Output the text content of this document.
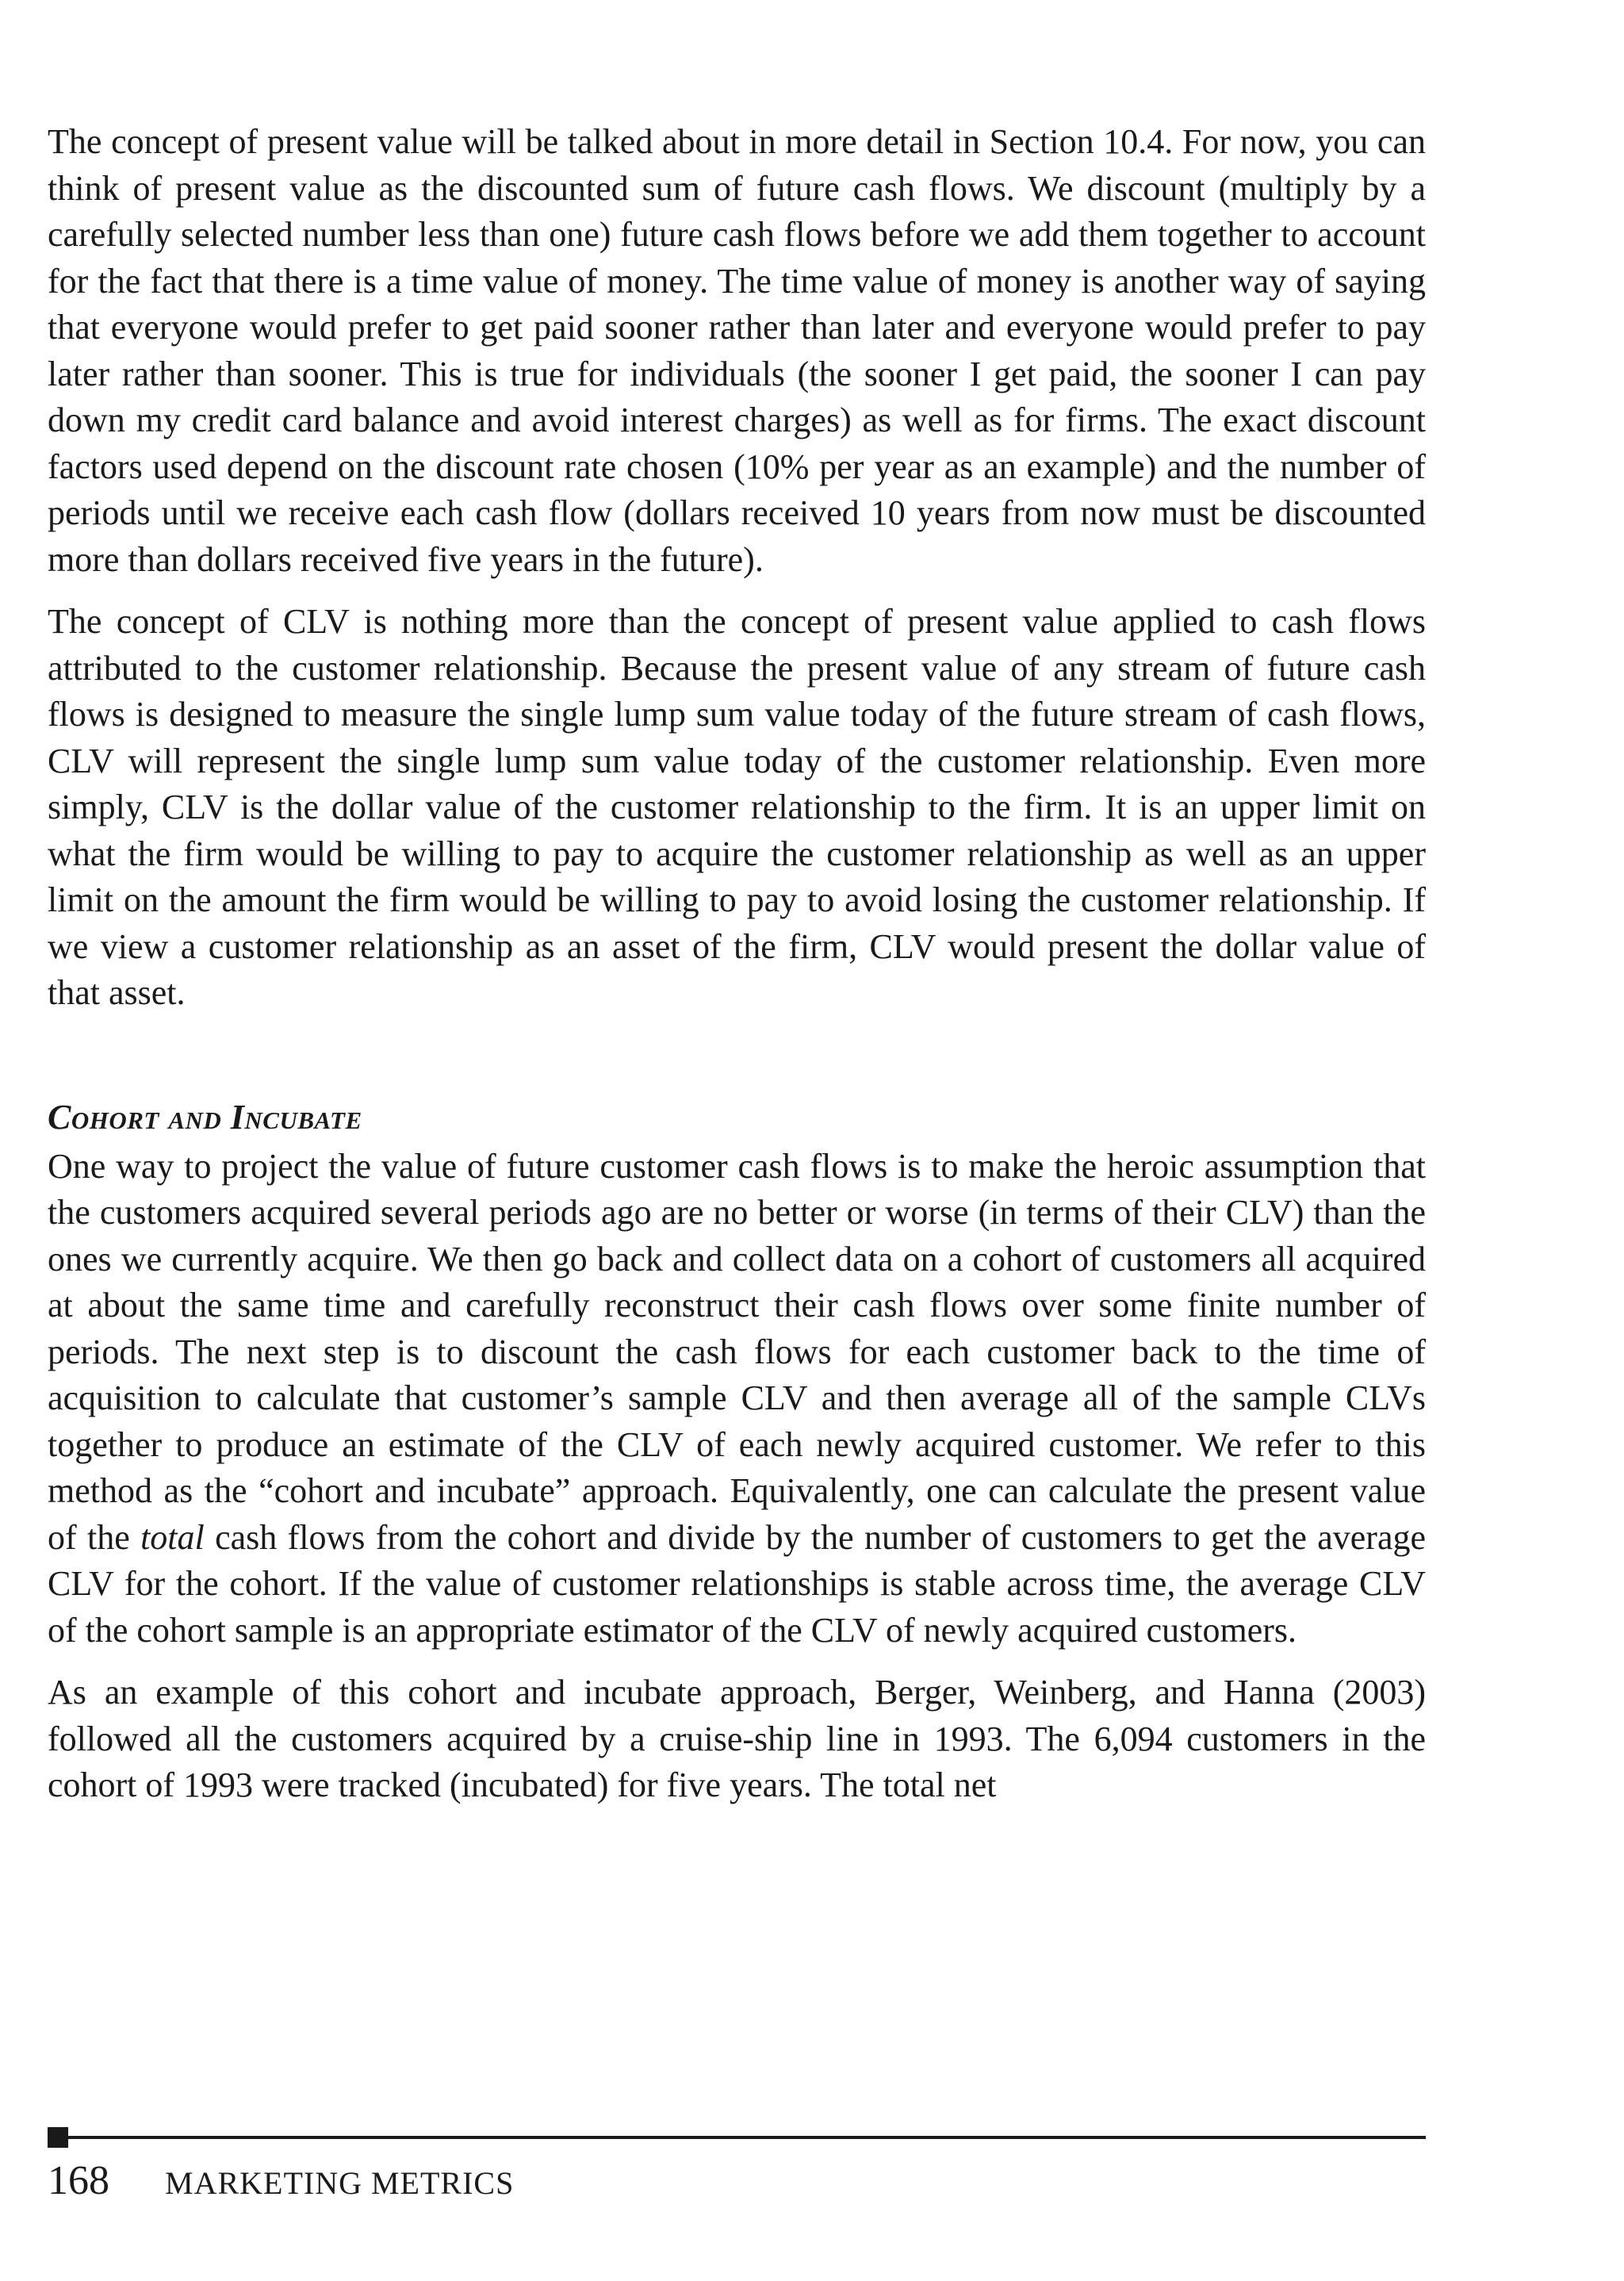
The concept of present value will be talked about in more detail in Section 10.4. For now, you can think of present value as the discounted sum of future cash flows. We discount (multiply by a carefully selected number less than one) future cash flows before we add them together to account for the fact that there is a time value of money. The time value of money is another way of saying that everyone would prefer to get paid sooner rather than later and everyone would prefer to pay later rather than sooner. This is true for individuals (the sooner I get paid, the sooner I can pay down my credit card balance and avoid interest charges) as well as for firms. The exact discount factors used depend on the discount rate chosen (10% per year as an example) and the number of periods until we receive each cash flow (dollars received 10 years from now must be discounted more than dollars received five years in the future).

The concept of CLV is nothing more than the concept of present value applied to cash flows attributed to the customer relationship. Because the present value of any stream of future cash flows is designed to measure the single lump sum value today of the future stream of cash flows, CLV will represent the single lump sum value today of the customer relationship. Even more simply, CLV is the dollar value of the customer relationship to the firm. It is an upper limit on what the firm would be willing to pay to acquire the customer relationship as well as an upper limit on the amount the firm would be willing to pay to avoid losing the customer relationship. If we view a customer relationship as an asset of the firm, CLV would present the dollar value of that asset.

Cohort and Incubate

One way to project the value of future customer cash flows is to make the heroic assumption that the customers acquired several periods ago are no better or worse (in terms of their CLV) than the ones we currently acquire. We then go back and collect data on a cohort of customers all acquired at about the same time and carefully reconstruct their cash flows over some finite number of periods. The next step is to discount the cash flows for each customer back to the time of acquisition to calculate that customer’s sample CLV and then average all of the sample CLVs together to produce an estimate of the CLV of each newly acquired customer. We refer to this method as the “cohort and incubate” approach. Equivalently, one can calculate the present value of the total cash flows from the cohort and divide by the number of customers to get the average CLV for the cohort. If the value of customer relationships is stable across time, the average CLV of the cohort sample is an appropriate estimator of the CLV of newly acquired customers.

As an example of this cohort and incubate approach, Berger, Weinberg, and Hanna (2003) followed all the customers acquired by a cruise-ship line in 1993. The 6,094 customers in the cohort of 1993 were tracked (incubated) for five years. The total net

168 MARKETING METRICS
